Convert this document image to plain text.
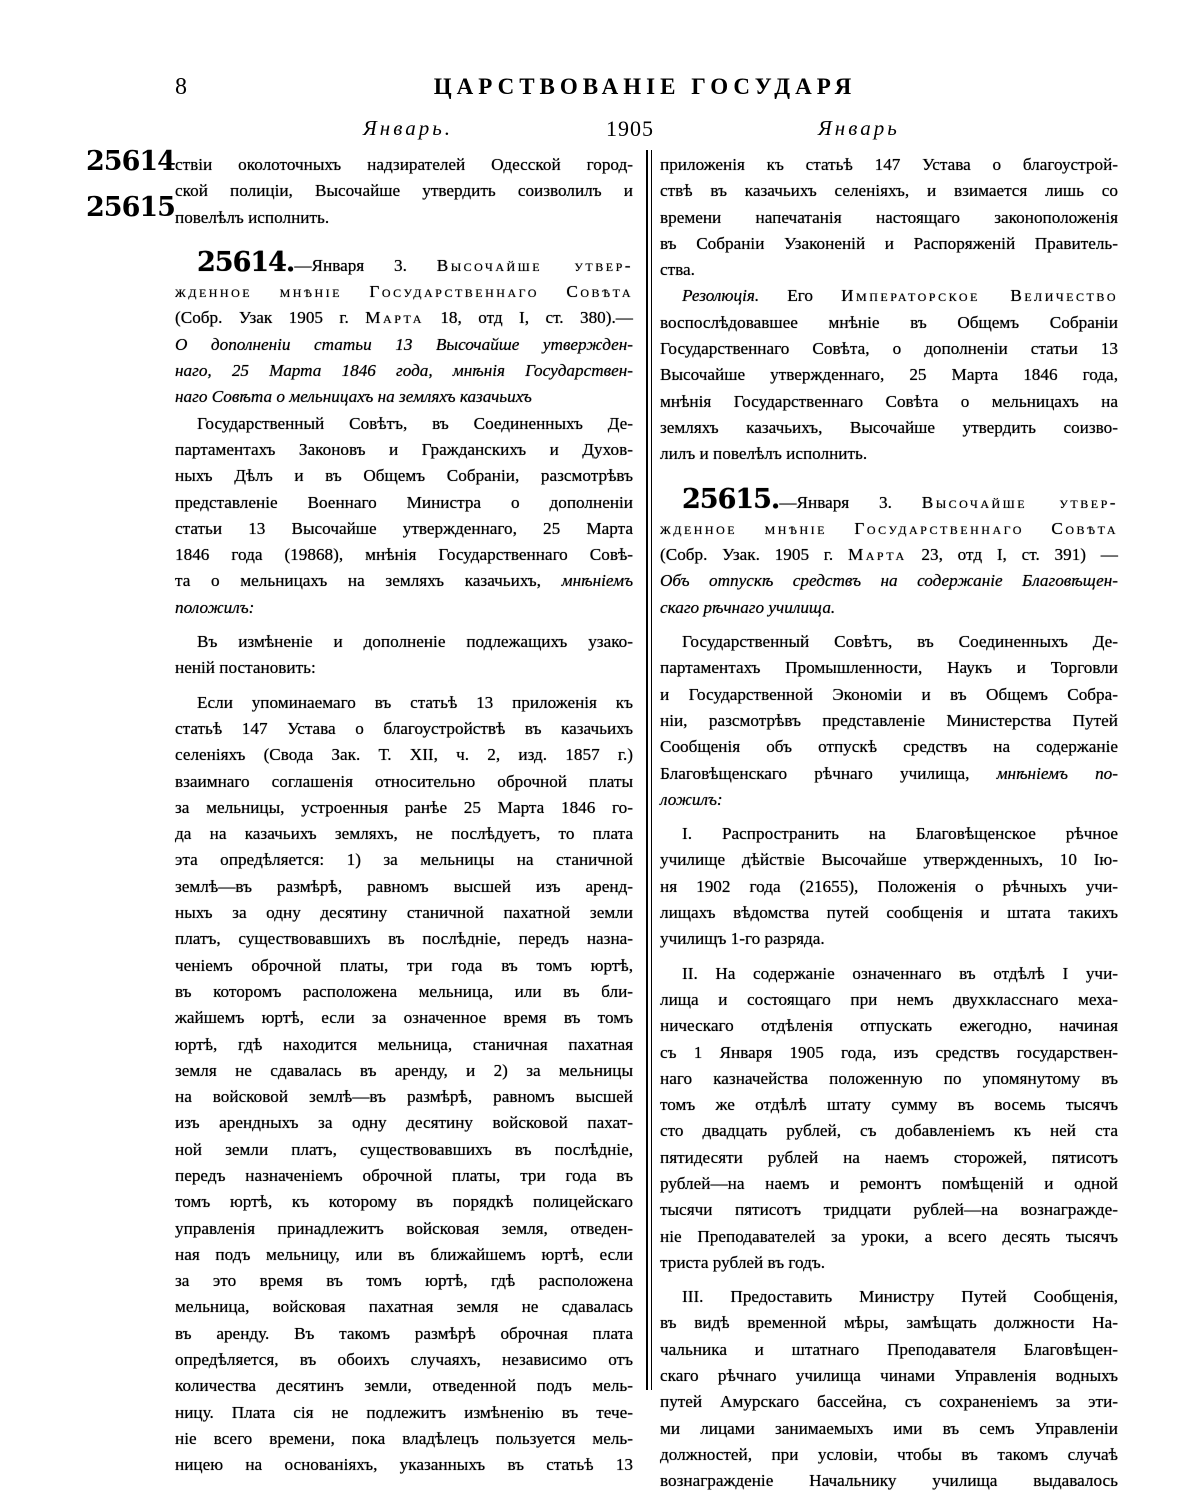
8	ЦАРСТВОВАНІЕ ГОСУДАРЯ
Январь.	1905	Январь
25614
25615
ствiи околоточныхъ надзирателей Одесской город-
ской полицiи, Высочайше утвердить соизволилъ и
повелѣлъ исполнить.
25614.—Января 3. Высочайше утвер-
жденное мнѣнiе Государственнаго Совѣта
(Собр. Узак 1905 г. Марта 18, отд I, ст. 380).—
О дополненiи статьи 13 Высочайше утвержден-
наго, 25 Марта 1846 года, мнѣнiя Государствен-
наго Совѣта о мельницахъ на земляхъ казачьихъ
Государственный Совѣтъ, въ Соединенныхъ Де-
партаментахъ Законовъ и Гражданскихъ и Духов-
ныхъ Дѣлъ и въ Общемъ Собранiи, разсмотрѣвъ
представленiе Военнаго Министра о дополненiи
статьи 13 Высочайше утвержденнаго, 25 Марта
1846 года (19868), мнѣнiя Государственнаго Совѣ-
та о мельницахъ на земляхъ казачьихъ, мнѣнiемъ
положилъ:
Въ измѣненiе и дополненiе подлежащихъ узако-
ненiй постановить:
Если упоминаемаго въ статьѣ 13 приложенiя къ
статьѣ 147 Устава о благоустройствѣ въ казачьихъ
селенiяхъ (Свода Зак. Т. XII, ч. 2, изд. 1857 г.)
взаимнаго соглашенiя относительно оброчной платы
за мельницы, устроенныя ранѣе 25 Марта 1846 го-
да на казачьихъ земляхъ, не послѣдуетъ, то плата
эта опредѣляется: 1) за мельницы на станичной
землѣ—въ размѣрѣ, равномъ высшей изъ аренд-
ныхъ за одну десятину станичной пахатной земли
платъ, существовавшихъ въ послѣднiе, передъ назна-
ченiемъ оброчной платы, три года въ томъ юртѣ,
въ которомъ расположена мельница, или въ бли-
жайшемъ юртѣ, если за означенное время въ томъ
юртѣ, гдѣ находится мельница, станичная пахатная
земля не сдавалась въ аренду, и 2) за мельницы
на войсковой землѣ—въ размѣрѣ, равномъ высшей
изъ арендныхъ за одну десятину войсковой пахат-
ной земли платъ, существовавшихъ въ послѣднiе,
передъ назначенiемъ оброчной платы, три года въ
томъ юртѣ, къ которому въ порядкѣ полицейскаго
управленiя принадлежитъ войсковая земля, отведен-
ная подъ мельницу, или въ ближайшемъ юртѣ, если
за это время въ томъ юртѣ, гдѣ расположена
мельница, войсковая пахатная земля не сдавалась
въ аренду. Въ такомъ размѣрѣ оброчная плата
опредѣляется, въ обоихъ случаяхъ, независимо отъ
количества десятинъ земли, отведенной подъ мель-
ницу. Плата сiя не подлежитъ измѣненiю въ тече-
нiе всего времени, пока владѣлецъ пользуется мель-
ницею на основанiяхъ, указанныхъ въ статьѣ 13
приложенiя къ статьѣ 147 Устава о благоустрой-
ствѣ въ казачьихъ селенiяхъ, и взимается лишь со
времени напечатанiя настоящаго законоположенiя
въ Собранiи Узаконенiй и Распоряженiй Правитель-
ства.
Резолюцiя. Его Императорское Величество
воспослѣдовавшее мнѣнiе въ Общемъ Собранiи
Государственнаго Совѣта, о дополненiи статьи 13
Высочайше утвержденнаго, 25 Марта 1846 года,
мнѣнiя Государственнаго Совѣта о мельницахъ на
земляхъ казачьихъ, Высочайше утвердить соизво-
лилъ и повелѣлъ исполнить.
25615.—Января 3. Высочайше утвер-
жденное мнѣнiе Государственнаго Совѣта
(Собр. Узак. 1905 г. Марта 23, отд I, ст. 391) —
Объ отпускѣ средствъ на содержанiе Благовѣщен-
скаго рѣчнаго училища.
Государственный Совѣтъ, въ Соединенныхъ Де-
партаментахъ Промышленности, Наукъ и Торговли
и Государственной Экономiи и въ Общемъ Собра-
нiи, разсмотрѣвъ представленiе Министерства Путей
Сообщенiя объ отпускѣ средствъ на содержанiе
Благовѣщенскаго рѣчнаго училища, мнѣнiемъ по-
ложилъ:
I. Распространить на Благовѣщенское рѣчное
училище дѣйствiе Высочайше утвержденныхъ, 10 Iю-
ня 1902 года (21655), Положенiя о рѣчныхъ учи-
лищахъ вѣдомства путей сообщенiя и штата такихъ
училищъ 1-го разряда.
II. На содержанiе означеннаго въ отдѣлѣ I учи-
лища и состоящаго при немъ двухкласснаго меха-
ническаго отдѣленiя отпускать ежегодно, начиная
съ 1 Января 1905 года, изъ средствъ государствен-
наго казначейства положенную по упомянутому въ
томъ же отдѣлѣ штату сумму въ восемь тысячъ
сто двадцать рублей, съ добавленiемъ къ ней ста
пятидесяти рублей на наемъ сторожей, пятисотъ
рублей—на наемъ и ремонтъ помѣщенiй и одной
тысячи пятисотъ тридцати рублей—на вознагражде-
нiе Преподавателей за уроки, а всего десять тысячъ
триста рублей въ годъ.
III. Предоставить Министру Путей Сообщенiя,
въ видѣ временной мѣры, замѣщать должности На-
чальника и штатнаго Преподавателя Благовѣщен-
скаго рѣчнаго училища чинами Управленiя водныхъ
путей Амурскаго бассейна, съ сохраненiемъ за эти-
ми лицами занимаемыхъ ими въ семъ Управленiи
должностей, при условiи, чтобы въ такомъ случаѣ
вознагражденiе Начальнику училища выдавалось
